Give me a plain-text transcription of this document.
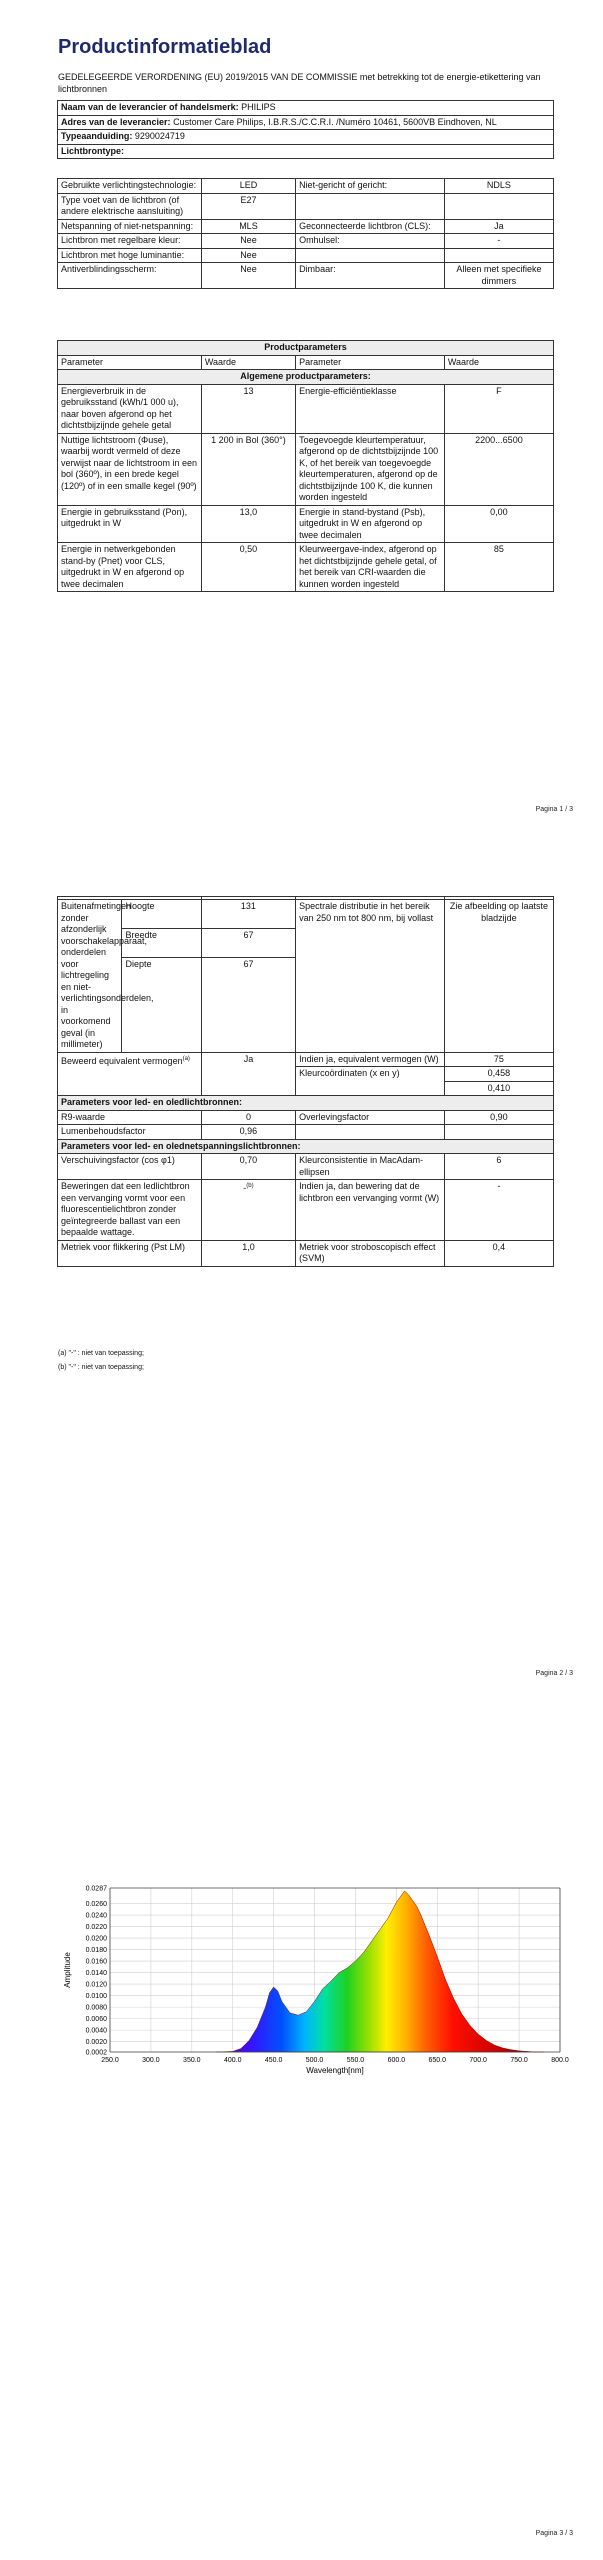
Productinformatieblad
GEDELEGEERDE VERORDENING (EU) 2019/2015 VAN DE COMMISSIE met betrekking tot de energie-etikettering van lichtbronnen
Naam van de leverancier of handelsmerk: PHILIPS
Adres van de leverancier: Customer Care Philips, I.B.R.S./C.C.R.I. /Numéro 10461, 5600VB Eindhoven, NL
Typeaanduiding: 9290024719
Lichtbrontype:
Gebruikte verlichtingstechnologie:	LED	Niet-gericht of gericht:	NDLS
Type voet van de lichtbron (of andere elektrische aansluiting)	E27		
Netspanning of niet-netspanning:	MLS	Geconnecteerde lichtbron (CLS):	Ja
Lichtbron met regelbare kleur:	Nee	Omhulsel:	-
Lichtbron met hoge luminantie:	Nee		
Antiverblindingsscherm:	Nee	Dimbaar:	Alleen met specifieke dimmers
Productparameters			
Parameter	Waarde	Parameter	Waarde
Algemene productparameters:			
Energieverbruik in de gebruiksstand (kWh/1 000 u), naar boven afgerond op het dichtstbijzijnde gehele getal	13	Energie-efficiëntieklasse	F
Nuttige lichtstroom (Φuse), waarbij wordt vermeld of deze verwijst naar de lichtstroom in een bol (360º), in een brede kegel (120º) of in een smalle kegel (90º)	1 200 in Bol (360°)	Toegevoegde kleurtemperatuur, afgerond op de dichtstbijzijnde 100 K, of het bereik van toegevoegde kleurtemperaturen, afgerond op de dichtstbijzijnde 100 K, die kunnen worden ingesteld	2200...6500
Energie in gebruiksstand (Pon), uitgedrukt in W	13,0	Energie in stand-bystand (Psb), uitgedrukt in W en afgerond op twee decimalen	0,00
Energie in netwerkgebonden stand-by (Pnet) voor CLS, uitgedrukt in W en afgerond op twee decimalen	0,50	Kleurweergave-index, afgerond op het dichtstbijzijnde gehele getal, of het bereik van CRI-waarden die kunnen worden ingesteld	85
Pagina 1 / 3

Buitenafmetingen zonder afzonderlijk voorschakelapparaat, onderdelen voor lichtregeling en niet-verlichtingsonderdelen, in voorkomend geval (in millimeter)	Hoogte	131	Spectrale distributie in het bereik van 250 nm tot 800 nm, bij vollast	Zie afbeelding op laatste bladzijde
	Breedte	67		
	Diepte	67		
Beweerd equivalent vermogen$^{(a)}$		Ja	Indien ja, equivalent vermogen (W)	75
			Kleurcoördinaten (x en y)	0,458
				0,410
Parameters voor led- en oledlichtbronnen:				
R9-waarde		0	Overlevingsfactor	0,90
Lumenbehoudsfactor		0,96		
Parameters voor led- en olednetspanningslichtbronnen:				
Verschuivingsfactor (cos φ1)		0,70	Kleurconsistentie in MacAdam-ellipsen	6
Beweringen dat een ledlichtbron een vervanging vormt voor een fluorescentielichtbron zonder geïntegreerde ballast van een bepaalde wattage.		-$^{(b)}$	Indien ja, dan bewering dat de lichtbron een vervanging vormt (W)	-
Metriek voor flikkering (Pst LM)		1,0	Metriek voor stroboscopisch effect (SVM)	0,4
(a) "-" : niet van toepassing;
(b) "-" : niet van toepassing;
Pagina 2 / 3
Pagina 3 / 3
250.0	300.0	350.0	400.0	450.0	500.0	550.0	600.0	650.0	700.0	750.0	800.0
0.0002
0.0020
0.0040
0.0060
0.0080
0.0100
0.0120
0.0140
0.0160
0.0180
0.0200
0.0220
0.0240
0.0260
0.0287
Wavelength[nm]
Amplitude
